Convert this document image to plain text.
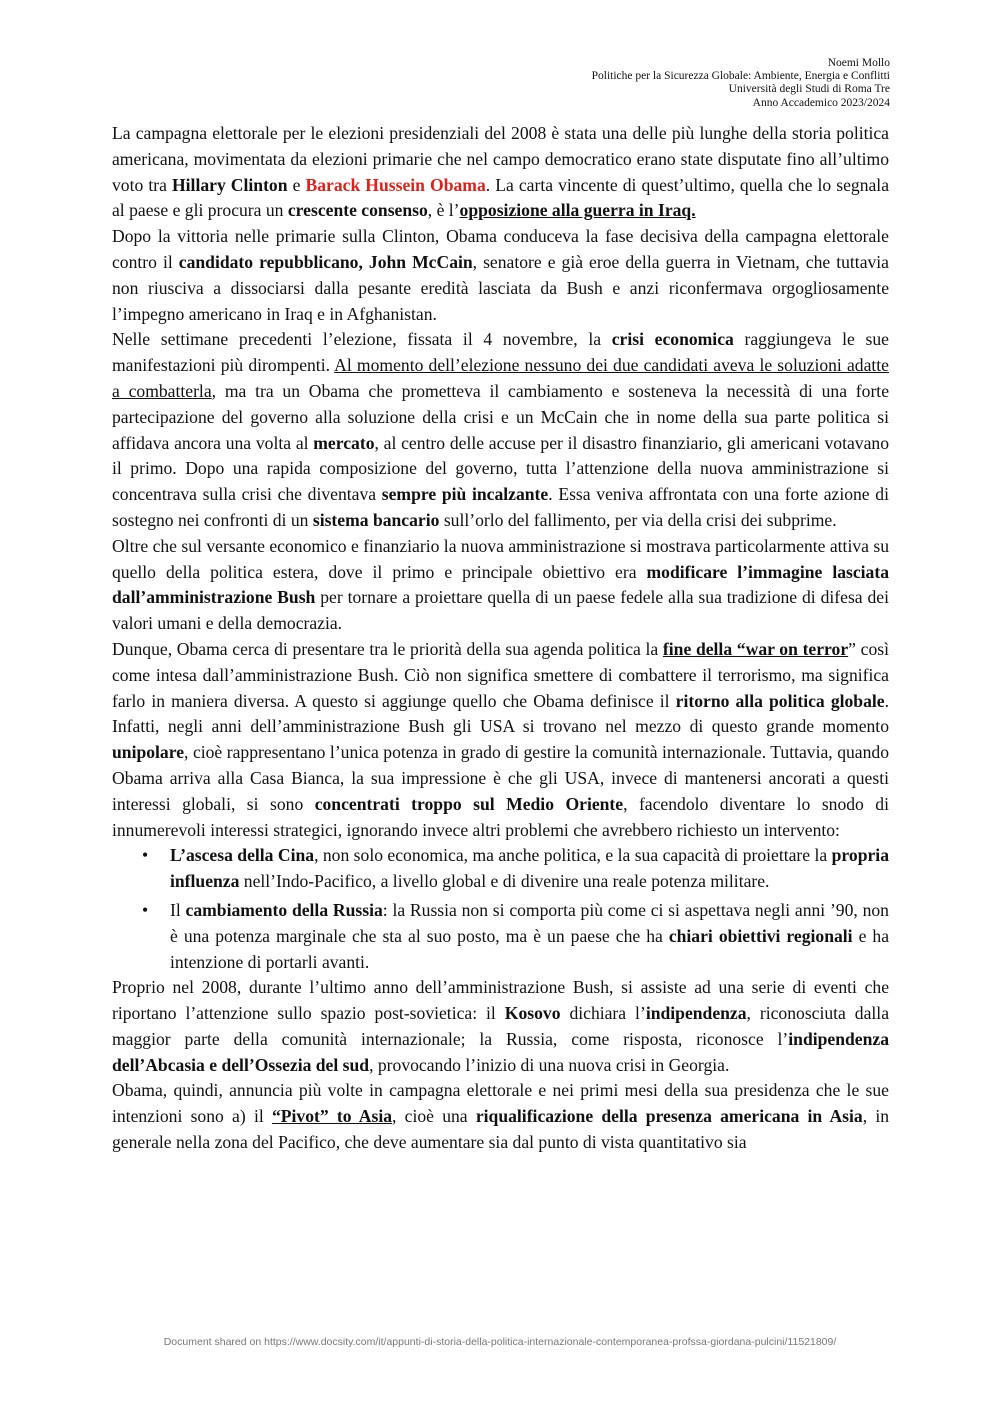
Noemi Mollo
Politiche per la Sicurezza Globale: Ambiente, Energia e Conflitti
Università degli Studi di Roma Tre
Anno Accademico 2023/2024

La campagna elettorale per le elezioni presidenziali del 2008 è stata una delle più lunghe della storia politica americana, movimentata da elezioni primarie che nel campo democratico erano state disputate fino all’ultimo voto tra Hillary Clinton e Barack Hussein Obama. La carta vincente di quest’ultimo, quella che lo segnala al paese e gli procura un crescente consenso, è l’opposizione alla guerra in Iraq.

Dopo la vittoria nelle primarie sulla Clinton, Obama conduceva la fase decisiva della campagna elettorale contro il candidato repubblicano, John McCain, senatore e già eroe della guerra in Vietnam, che tuttavia non riusciva a dissociarsi dalla pesante eredità lasciata da Bush e anzi riconfermava orgogliosamente l’impegno americano in Iraq e in Afghanistan.

Nelle settimane precedenti l’elezione, fissata il 4 novembre, la crisi economica raggiungeva le sue manifestazioni più dirompenti. Al momento dell’elezione nessuno dei due candidati aveva le soluzioni adatte a combatterla, ma tra un Obama che prometteva il cambiamento e sosteneva la necessità di una forte partecipazione del governo alla soluzione della crisi e un McCain che in nome della sua parte politica si affidava ancora una volta al mercato, al centro delle accuse per il disastro finanziario, gli americani votavano il primo. Dopo una rapida composizione del governo, tutta l’attenzione della nuova amministrazione si concentrava sulla crisi che diventava sempre più incalzante. Essa veniva affrontata con una forte azione di sostegno nei confronti di un sistema bancario sull’orlo del fallimento, per via della crisi dei subprime.

Oltre che sul versante economico e finanziario la nuova amministrazione si mostrava particolarmente attiva su quello della politica estera, dove il primo e principale obiettivo era modificare l’immagine lasciata dall’amministrazione Bush per tornare a proiettare quella di un paese fedele alla sua tradizione di difesa dei valori umani e della democrazia.

Dunque, Obama cerca di presentare tra le priorità della sua agenda politica la fine della “war on terror” così come intesa dall’amministrazione Bush. Ciò non significa smettere di combattere il terrorismo, ma significa farlo in maniera diversa. A questo si aggiunge quello che Obama definisce il ritorno alla politica globale. Infatti, negli anni dell’amministrazione Bush gli USA si trovano nel mezzo di questo grande momento unipolare, cioè rappresentano l’unica potenza in grado di gestire la comunità internazionale. Tuttavia, quando Obama arriva alla Casa Bianca, la sua impressione è che gli USA, invece di mantenersi ancorati a questi interessi globali, si sono concentrati troppo sul Medio Oriente, facendolo diventare lo snodo di innumerevoli interessi strategici, ignorando invece altri problemi che avrebbero richiesto un intervento:

• L’ascesa della Cina, non solo economica, ma anche politica, e la sua capacità di proiettare la propria influenza nell’Indo-Pacifico, a livello global e di divenire una reale potenza militare.
• Il cambiamento della Russia: la Russia non si comporta più come ci si aspettava negli anni ’90, non è una potenza marginale che sta al suo posto, ma è un paese che ha chiari obiettivi regionali e ha intenzione di portarli avanti.

Proprio nel 2008, durante l’ultimo anno dell’amministrazione Bush, si assiste ad una serie di eventi che riportano l’attenzione sullo spazio post-sovietica: il Kosovo dichiara l’indipendenza, riconosciuta dalla maggior parte della comunità internazionale; la Russia, come risposta, riconosce l’indipendenza dell’Abcasia e dell’Ossezia del sud, provocando l’inizio di una nuova crisi in Georgia.

Obama, quindi, annuncia più volte in campagna elettorale e nei primi mesi della sua presidenza che le sue intenzioni sono a) il “Pivot” to Asia, cioè una riqualificazione della presenza americana in Asia, in generale nella zona del Pacifico, che deve aumentare sia dal punto di vista quantitativo sia

Document shared on https://www.docsity.com/it/appunti-di-storia-della-politica-internazionale-contemporanea-profssa-giordana-pulcini/11521809/
